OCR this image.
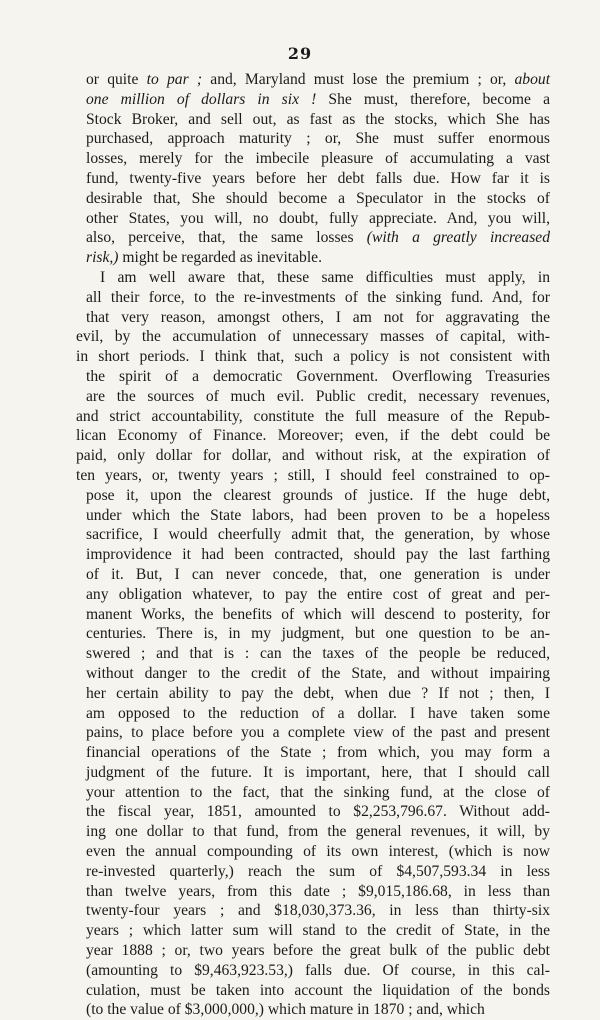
29
or quite to par ; and, Maryland must lose the premium ; or, about
one million of dollars in six ! She must, therefore, become a
Stock Broker, and sell out, as fast as the stocks, which She has
purchased, approach maturity ; or, She must suffer enormous
losses, merely for the imbecile pleasure of accumulating a vast
fund, twenty-five years before her debt falls due. How far it is
desirable that, She should become a Speculator in the stocks of
other States, you will, no doubt, fully appreciate. And, you will,
also, perceive, that, the same losses (with a greatly increased
risk,) might be regarded as inevitable.
I am well aware that, these same difficulties must apply, in
all their force, to the re-investments of the sinking fund. And, for
that very reason, amongst others, I am not for aggravating the
evil, by the accumulation of unnecessary masses of capital, with-
in short periods. I think that, such a policy is not consistent with
the spirit of a democratic Government. Overflowing Treasuries
are the sources of much evil. Public credit, necessary revenues,
and strict accountability, constitute the full measure of the Repub-
lican Economy of Finance. Moreover; even, if the debt could be
paid, only dollar for dollar, and without risk, at the expiration of
ten years, or, twenty years ; still, I should feel constrained to op-
pose it, upon the clearest grounds of justice. If the huge debt,
under which the State labors, had been proven to be a hopeless
sacrifice, I would cheerfully admit that, the generation, by whose
improvidence it had been contracted, should pay the last farthing
of it. But, I can never concede, that, one generation is under
any obligation whatever, to pay the entire cost of great and per-
manent Works, the benefits of which will descend to posterity, for
centuries. There is, in my judgment, but one question to be an-
swered ; and that is : can the taxes of the people be reduced,
without danger to the credit of the State, and without impairing
her certain ability to pay the debt, when due ? If not ; then, I
am opposed to the reduction of a dollar. I have taken some
pains, to place before you a complete view of the past and present
financial operations of the State ; from which, you may form a
judgment of the future. It is important, here, that I should call
your attention to the fact, that the sinking fund, at the close of
the fiscal year, 1851, amounted to $2,253,796.67. Without add-
ing one dollar to that fund, from the general revenues, it will, by
even the annual compounding of its own interest, (which is now
re-invested quarterly,) reach the sum of $4,507,593.34 in less
than twelve years, from this date ; $9,015,186.68, in less than
twenty-four years ; and $18,030,373.36, in less than thirty-six
years ; which latter sum will stand to the credit of State, in the
year 1888 ; or, two years before the great bulk of the public debt
(amounting to $9,463,923.53,) falls due. Of course, in this cal-
culation, must be taken into account the liquidation of the bonds
(to the value of $3,000,000,) which mature in 1870 ; and, which
